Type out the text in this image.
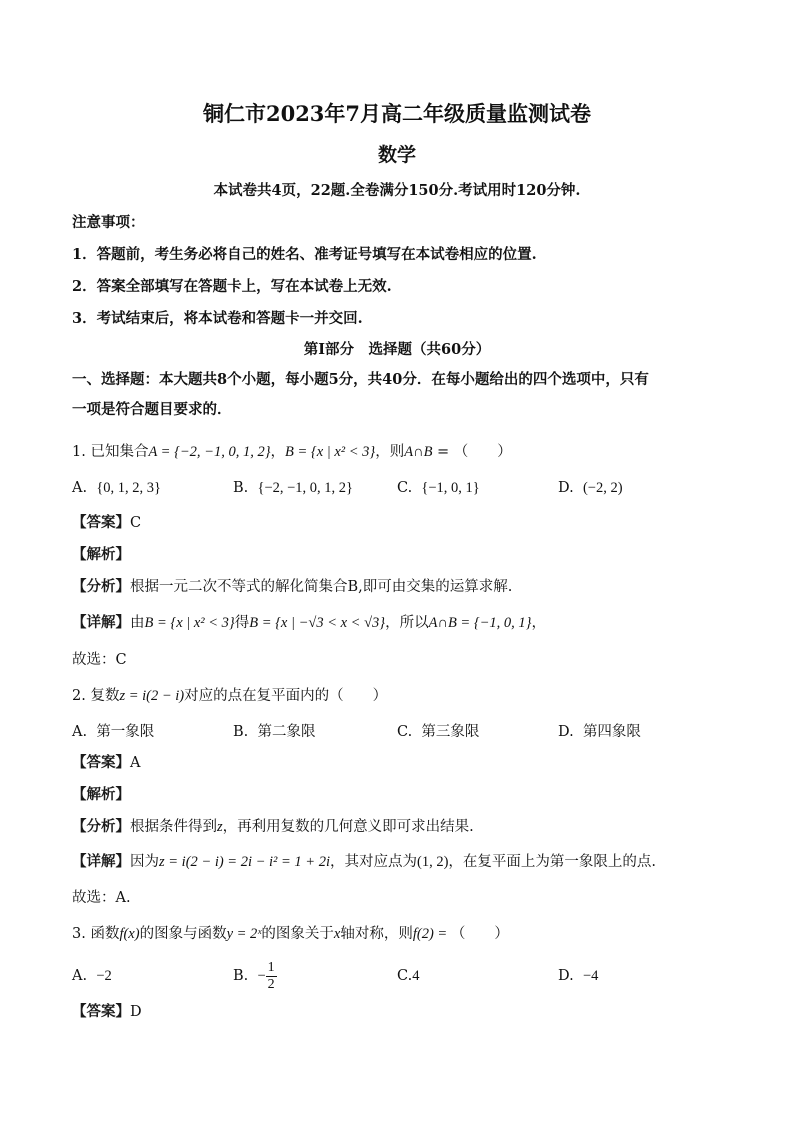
铜仁市2023年7月高二年级质量监测试卷
数学
本试卷共4页，22题.全卷满分150分.考试用时120分钟.
注意事项：
1．答题前，考生务必将自己的姓名、准考证号填写在本试卷相应的位置.
2．答案全部填写在答题卡上，写在本试卷上无效.
3．考试结束后，将本试卷和答题卡一并交回.
第I部分　选择题（共60分）
一、选择题：本大题共8个小题，每小题5分，共40分．在每小题给出的四个选项中，只有
一项是符合题目要求的．
1. 已知集合A = {−2, −1, 0, 1, 2}，B = {x | x² < 3}，则A∩B = （　　）
A. {0, 1, 2, 3}	B. {−2, −1, 0, 1, 2}	C. {−1, 0, 1}	D. (−2, 2)
【答案】C
【解析】
【分析】根据一元二次不等式的解化简集合B,即可由交集的运算求解.
【详解】由B = {x | x² < 3}得B = {x | −√3 < x < √3}，所以A∩B = {−1, 0, 1}，
故选：C
2. 复数z = i(2 − i)对应的点在复平面内的（　　）
A. 第一象限	B. 第二象限	C. 第三象限	D. 第四象限
【答案】A
【解析】
【分析】根据条件得到z，再利用复数的几何意义即可求出结果.
【详解】因为z = i(2 − i) = 2i − i² = 1 + 2i，其对应点为(1, 2)，在复平面上为第一象限上的点.
故选：A.
3. 函数f(x)的图象与函数y = 2ˣ的图象关于x轴对称，则f(2) = （　　）
A. −2	B. − $\frac{1}{2}$	C.4	D. −4
【答案】D
